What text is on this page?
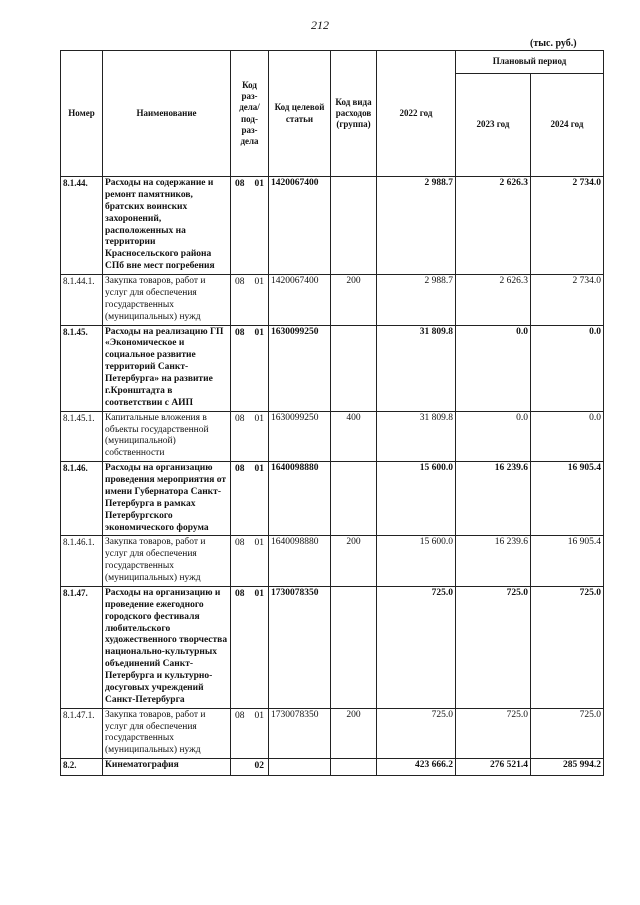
212
(тыс. руб.)
Номер	Наименование	Код раз- дела/ под- раз- дела	Код целевой статьи	Код вида расходов (группа)	2022 год	Плановый период	
						2023 год	2024 год
8.1.44.	Расходы на содержание и ремонт памятников, братских воинских захоронений, расположенных на территории Красносельского района СПб вне мест погребения	08 01	1420067400		2 988.7	2 626.3	2 734.0
8.1.44.1.	Закупка товаров, работ и услуг для обеспечения государственных (муниципальных) нужд	08 01	1420067400	200	2 988.7	2 626.3	2 734.0
8.1.45.	Расходы на реализацию ГП «Экономическое и социальное развитие территорий Санкт-Петербурга» на развитие г.Кронштадта в соответствии с АИП	08 01	1630099250		31 809.8	0.0	0.0
8.1.45.1.	Капитальные вложения в объекты государственной (муниципальной) собственности	08 01	1630099250	400	31 809.8	0.0	0.0
8.1.46.	Расходы на организацию проведения мероприятия от имени Губернатора Санкт-Петербурга в рамках Петербургского экономического форума	08 01	1640098880		15 600.0	16 239.6	16 905.4
8.1.46.1.	Закупка товаров, работ и услуг для обеспечения государственных (муниципальных) нужд	08 01	1640098880	200	15 600.0	16 239.6	16 905.4
8.1.47.	Расходы на организацию и проведение ежегодного городского фестиваля любительского художественного творчества национально-культурных объединений Санкт-Петербурга и культурно-досуговых учреждений Санкт-Петербурга	08 01	1730078350		725.0	725.0	725.0
8.1.47.1.	Закупка товаров, работ и услуг для обеспечения государственных (муниципальных) нужд	08 01	1730078350	200	725.0	725.0	725.0
8.2.	Кинематография	02			423 666.2	276 521.4	285 994.2
